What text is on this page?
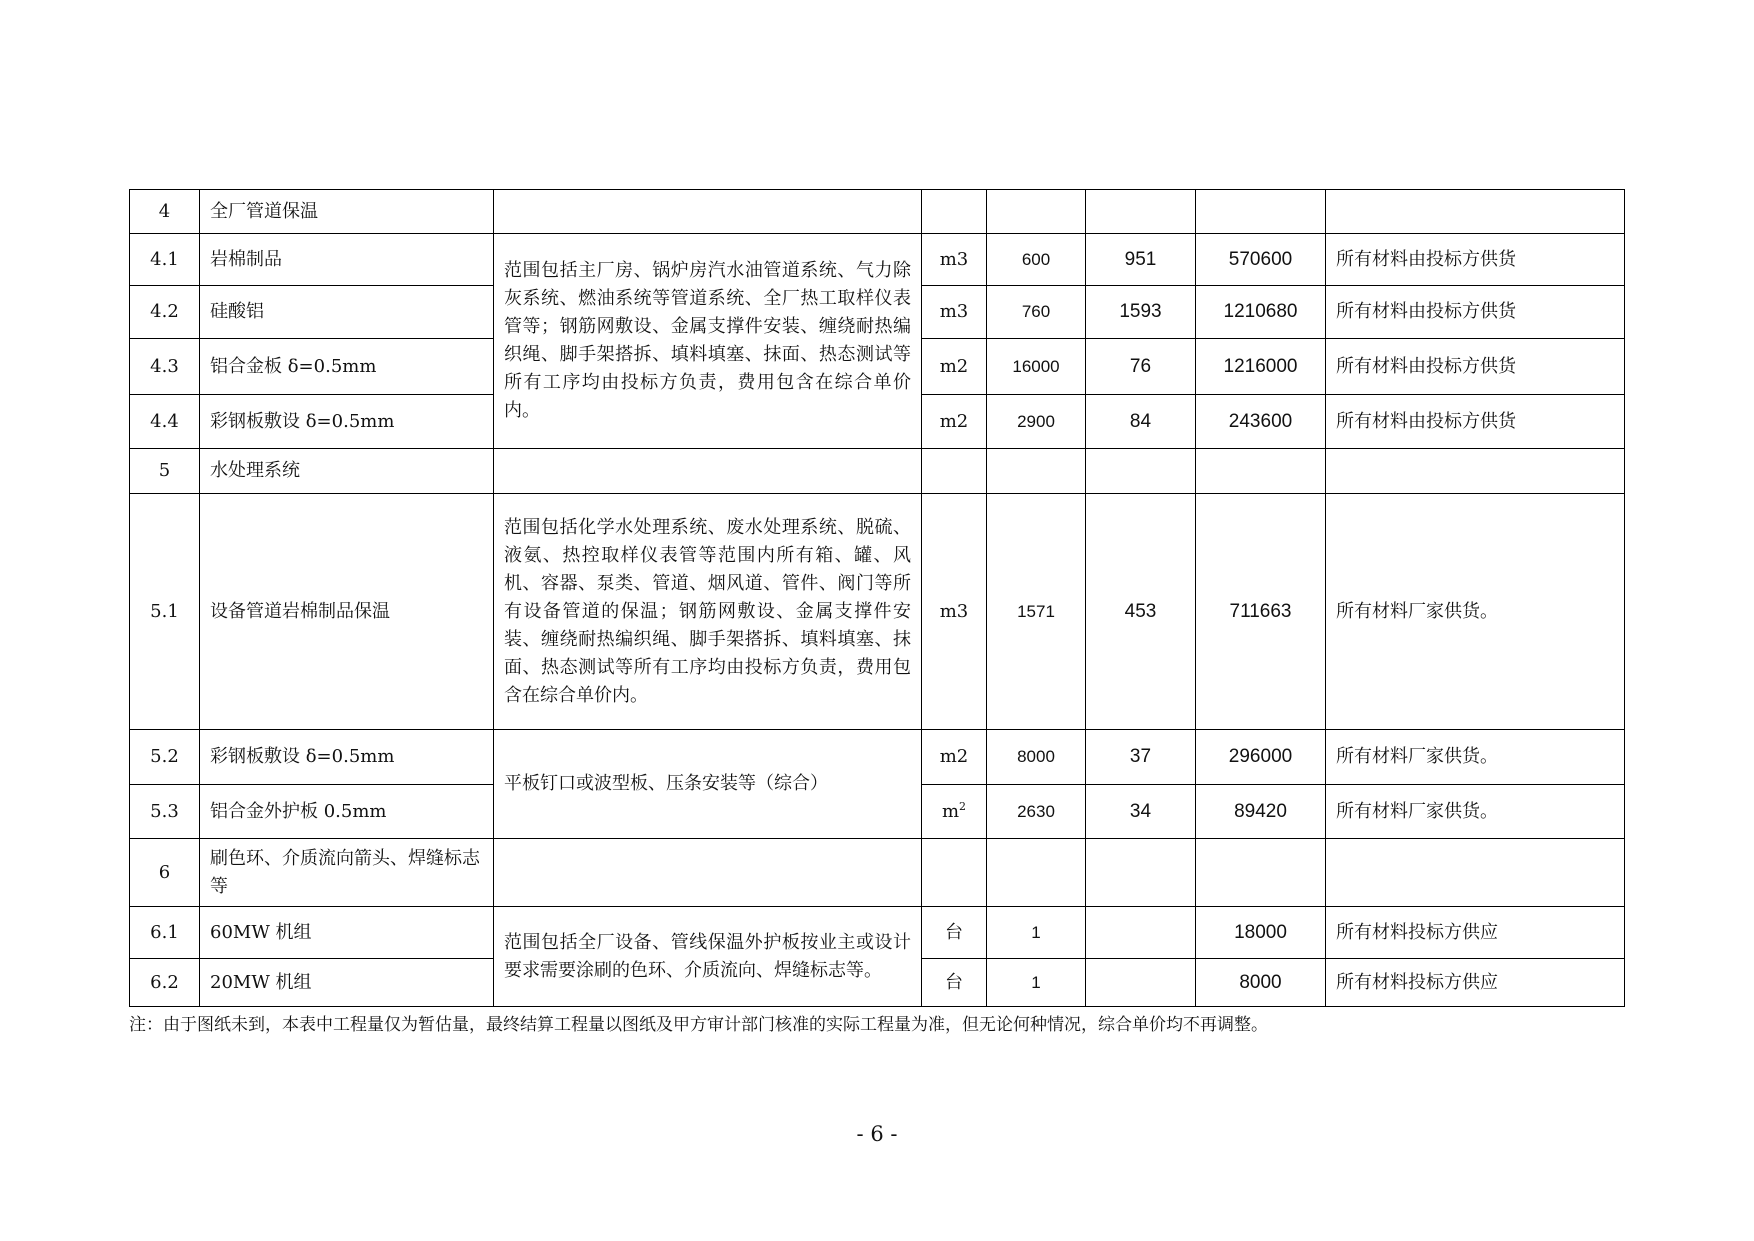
4	全厂管道保温						
4.1	岩棉制品	范围包括主厂房、锅炉房汽水油管道系统、气力除灰系统、燃油系统等管道系统、全厂热工取样仪表管等；钢筋网敷设、金属支撑件安装、缠绕耐热编织绳、脚手架搭拆、填料填塞、抹面、热态测试等所有工序均由投标方负责，费用包含在综合单价内。	m3	600	951	570600	所有材料由投标方供货
4.2	硅酸铝		m3	760	1593	1210680	所有材料由投标方供货
4.3	铝合金板 δ=0.5mm		m2	16000	76	1216000	所有材料由投标方供货
4.4	彩钢板敷设 δ=0.5mm		m2	2900	84	243600	所有材料由投标方供货
5	水处理系统						
5.1	设备管道岩棉制品保温	范围包括化学水处理系统、废水处理系统、脱硫、液氨、热控取样仪表管等范围内所有箱、罐、风机、容器、泵类、管道、烟风道、管件、阀门等所有设备管道的保温；钢筋网敷设、金属支撑件安装、缠绕耐热编织绳、脚手架搭拆、填料填塞、抹面、热态测试等所有工序均由投标方负责，费用包含在综合单价内。	m3	1571	453	711663	所有材料厂家供货。
5.2	彩钢板敷设 δ=0.5mm	平板钉口或波型板、压条安装等（综合）	m2	8000	37	296000	所有材料厂家供货。
5.3	铝合金外护板 0.5mm		$m^2$	2630	34	89420	所有材料厂家供货。
6	刷色环、介质流向箭头、焊缝标志等						
6.1	60MW 机组	范围包括全厂设备、管线保温外护板按业主或设计要求需要涂刷的色环、介质流向、焊缝标志等。	台	1		18000	所有材料投标方供应
6.2	20MW 机组		台	1		8000	所有材料投标方供应
注：由于图纸未到，本表中工程量仅为暂估量，最终结算工程量以图纸及甲方审计部门核准的实际工程量为准，但无论何种情况，综合单价均不再调整。
- 6 -
